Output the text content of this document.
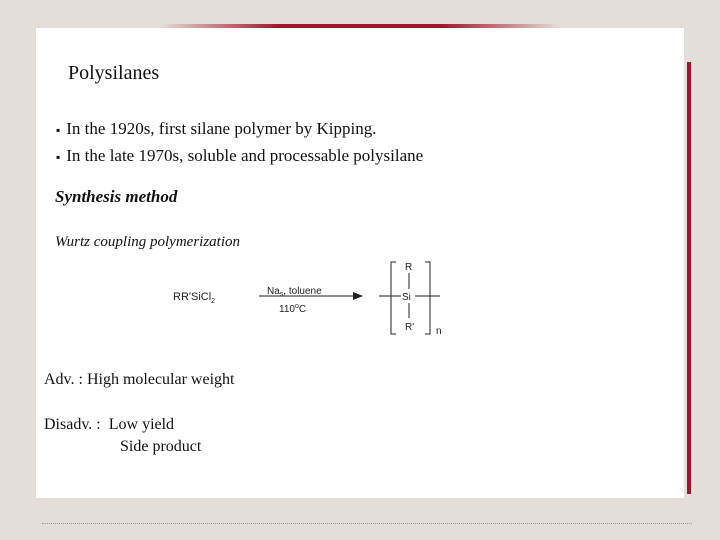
Polysilanes
▪ In the 1920s, first silane polymer by Kipping.
▪ In the late 1970s, soluble and processable polysilane
Synthesis method
Wurtz coupling polymerization
RR'SiCl$_2$
$Na_s$, toluene
110$^o$C
R
Si
R' n
Adv. : High molecular weight
Disadv. : Low yield
Side product
